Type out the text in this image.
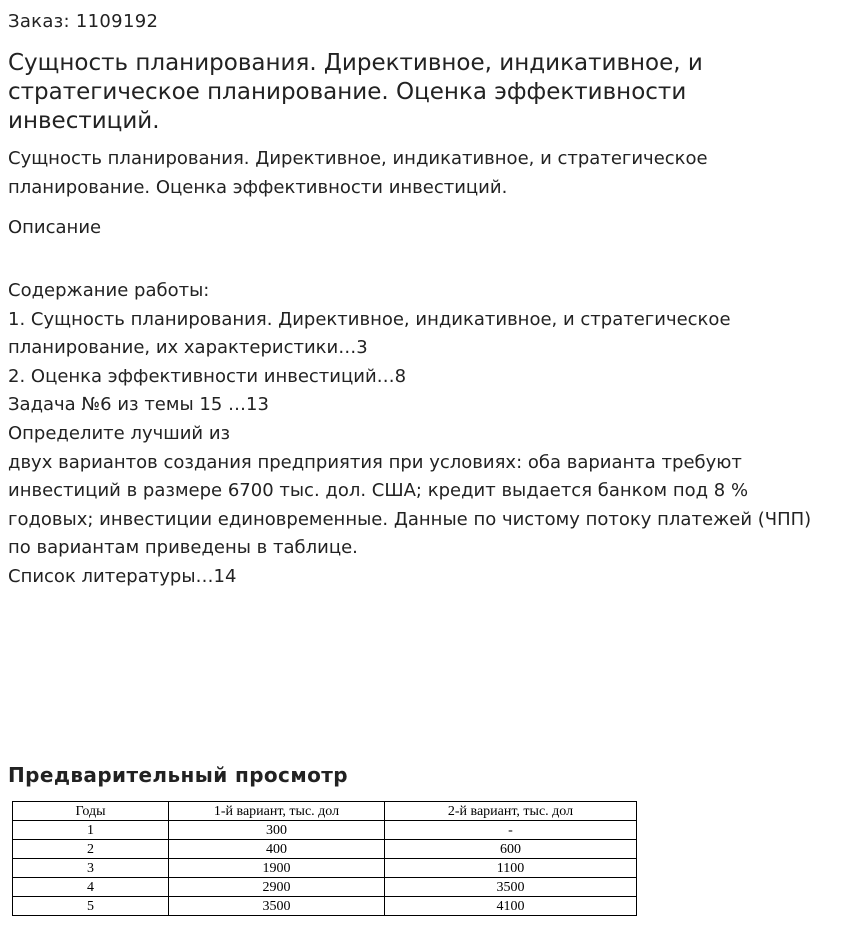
Заказ: 1109192
Сущность планирования. Директивное, индикативное, и стратегическое планирование. Оценка эффективности инвестиций.
Сущность планирования. Директивное, индикативное, и стратегическое планирование. Оценка эффективности инвестиций.
Описание
Содержание работы:
1. Сущность планирования. Директивное, индикативное, и стратегическое планирование, их характеристики…3
2. Оценка эффективности инвестиций…8
Задача №6 из темы 15 …13
Определите лучший из
двух вариантов создания предприятия при условиях: оба варианта требуют инвестиций в размере 6700 тыс. дол. США; кредит выдается банком под 8 % годовых; инвестиции единовременные. Данные по чистому потоку платежей (ЧПП) по вариантам приведены в таблице.
Список литературы…14
Предварительный просмотр
Годы	1-й вариант, тыс. дол	2-й вариант, тыс. дол
1	300	-
2	400	600
3	1900	1100
4	2900	3500
5	3500	4100
